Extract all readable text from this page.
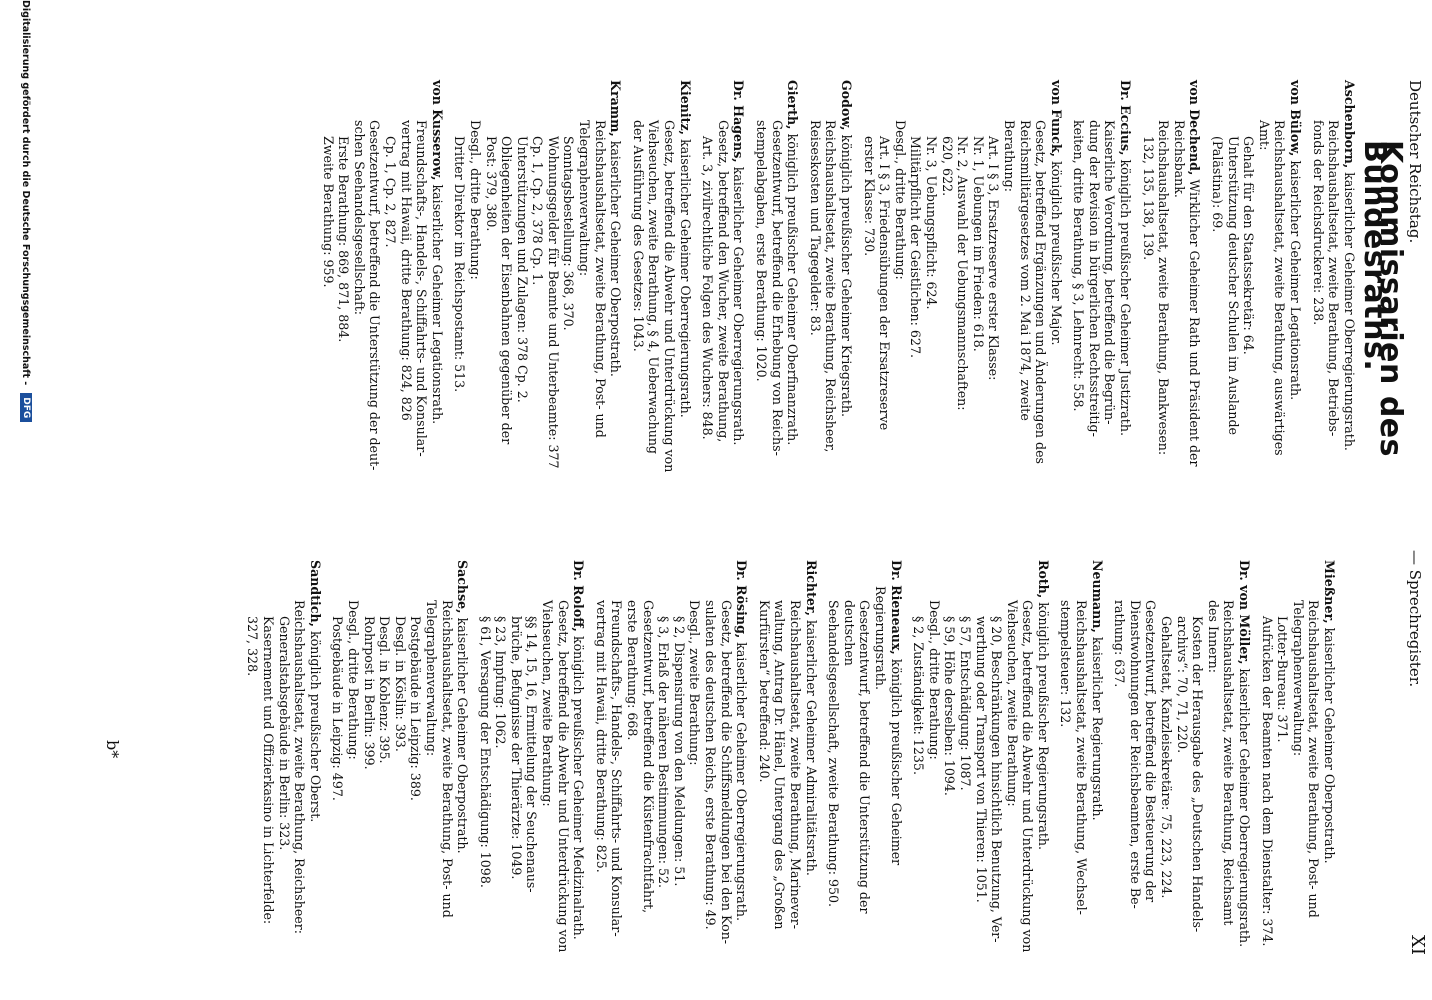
Deutscher Reichstag.
— Sprechregister.
XI
Kommissarien des Bundesraths.
Aschenborn, kaiserlicher Geheimer Oberregierungsrath.
Reichshaushaltsetat, zweite Berathung, Betriebs-
fonds der Reichsdruckerei: 238.
von Bülow, kaiserlicher Geheimer Legationsrath.
Reichshaushaltsetat, zweite Berathung, auswärtiges
Amt:
Gehalt für den Staatssekretär: 64.
Unterstützung deutscher Schulen im Auslande
(Palästina): 69.
von Dechend, Wirklicher Geheimer Rath und Präsident der
Reichsbank.
Reichshaushaltsetat, zweite Berathung, Bankwesen:
132, 135, 138, 139.
Dr. Eccius, königlich preußischer Geheimer Justizrath.
Kaiserliche Verordnung, betreffend die Begrün-
dung der Revision in bürgerlichen Rechtsstreitig-
keiten, dritte Berathung, § 3, Lehnrecht: 558.
von Funck, königlich preußischer Major.
Gesetz, betreffend Ergänzungen und Änderungen des
Reichsmilitärgesetzes vom 2. Mai 1874, zweite
Berathung:
Art. I § 3, Ersatzreserve erster Klasse:
Nr. 1, Uebungen im Frieden: 618.
Nr. 2, Auswahl der Uebungsmannschaften:
620, 622.
Nr. 3, Uebungspflicht: 624.
Militärpflicht der Geistlichen: 627.
Desgl., dritte Berathung:
Art. I § 3, Friedensübungen der Ersatzreserve
erster Klasse: 730.
Godow, königlich preußischer Geheimer Kriegsrath.
Reichshaushaltsetat, zweite Berathung, Reichsheer,
Reiseskosten und Tagegelder: 83.
Gierth, königlich preußischer Geheimer Oberfinanzrath.
Gesetzentwurf, betreffend die Erhebung von Reichs-
stempelabgaben, erste Berathung: 1020.
Dr. Hagens, kaiserlicher Geheimer Oberregierungsrath.
Gesetz, betreffend den Wucher, zweite Berathung,
Art. 3, zivilrechtliche Folgen des Wuchers: 848.
Kienitz, kaiserlicher Geheimer Oberregierungsrath.
Gesetz, betreffend die Abwehr und Unterdrückung von
Viehseuchen, zweite Berathung, § 4, Ueberwachung
der Ausführung des Gesetzes: 1043.
Kramm, kaiserlicher Geheimer Oberpostrath.
Reichshaushaltsetat, zweite Berathung, Post- und
Telegraphenverwaltung:
Sonntagsbestellung: 368, 370.
Wohnungsgelder für Beamte und Unterbeamte: 377
Cp. 1, Cp. 2, 378 Cp. 1.
Unterstützungen und Zulagen: 378 Cp. 2.
Obliegenheiten der Eisenbahnen gegenüber der
Post: 379, 380.
Desgl., dritte Berathung:
Dritter Direktor im Reichspostamt: 513.
von Kusserow, kaiserlicher Geheimer Legationsrath.
Freundschafts-, Handels-, Schiffahrts- und Konsular-
vertrag mit Hawaii, dritte Berathung: 824, 826
Cp. 1, Cp. 2, 827.
Gesetzentwurf, betreffend die Unterstützung der deut-
schen Seehandelsgesellschaft:
Erste Berathung: 869, 871, 884.
Zweite Berathung: 959.
Mießner, kaiserlicher Geheimer Oberpostrath.
Reichshaushaltsetat, zweite Berathung, Post- und
Telegraphenverwaltung:
Lotter-Bureau: 371.
Aufrücken der Beamten nach dem Dienstalter: 374.
Dr. von Möller, kaiserlicher Geheimer Oberregierungsrath.
Reichshaushaltsetat, zweite Berathung, Reichsamt
des Innern:
Kosten der Herausgabe des „Deutschen Handels-
archivs“: 70, 71, 220.
Gehaltsetat, Kanzleisekretäre: 75, 223, 224.
Gesetzentwurf, betreffend die Besteuerung der
Dienstwohnungen der Reichsbeamten, erste Be-
rathung: 637.
Neumann, kaiserlicher Regierungsrath.
Reichshaushaltsetat, zweite Berathung, Wechsel-
stempelsteuer: 132.
Roth, königlich preußischer Regierungsrath.
Gesetz, betreffend die Abwehr und Unterdrückung von
Viehseuchen, zweite Berathung:
§ 20, Beschränkungen hinsichtlich Benutzung, Ver-
werthung oder Transport von Thieren: 1051.
§ 57, Entschädigung: 1087.
§ 59, Höhe derselben: 1094.
Desgl., dritte Berathung:
§ 2, Zuständigkeit: 1235.
Dr. Rieneaux, königlich preußischer Geheimer Regierungsrath.
Gesetzentwurf, betreffend die Unterstützung der deutschen
Seehandelsgesellschaft, zweite Berathung: 950.
Richter, kaiserlicher Geheimer Admiralitätsrath.
Reichshaushaltsetat, zweite Berathung, Marinever-
waltung, Antrag Dr. Hänel, Untergang des „Großen
Kurfürsten“ betreffend: 240.
Dr. Rösing, kaiserlicher Geheimer Oberregierungsrath.
Gesetz, betreffend die Schiffsmeldungen bei den Kon-
sulaten des deutschen Reichs, erste Berathung: 49.
Desgl., zweite Berathung:
§ 2, Dispensirung von den Meldungen: 51.
§ 3, Erlaß der näheren Bestimmungen: 52.
Gesetzentwurf, betreffend die Küstenfrachtfahrt,
erste Berathung: 668.
Freundschafts-, Handels-, Schiffahrts- und Konsular-
vertrag mit Hawaii, dritte Berathung: 825.
Dr. Roloff, königlich preußischer Geheimer Medizinalrath.
Gesetz, betreffend die Abwehr und Unterdrückung von
Viehseuchen, zweite Berathung:
§§ 14, 15, 16, Ermittelung der Seuchenaus-
brüche, Befugnisse der Thierärzte: 1049.
§ 23, Impfung: 1062.
§ 61, Versagung der Entschädigung: 1098.
Sachse, kaiserlicher Geheimer Oberpostrath.
Reichshaushaltsetat, zweite Berathung, Post- und
Telegraphenverwaltung:
Postgebäude in Leipzig: 389.
Desgl. in Köslin: 393.
Desgl. in Koblenz: 395.
Rohrpost in Berlin: 399.
Desgl., dritte Berathung:
Postgebäude in Leipzig: 497.
Sandtich, königlich preußischer Oberst.
Reichshaushaltsetat, zweite Berathung, Reichsheer:
Generalstabsgebäude in Berlin: 323.
Kasernement und Offizierkasino in Lichterfelde:
327, 328.
b*
Digitalisierung gefördert durch die Deutsche Forschungsgemeinschaft -
DFG
